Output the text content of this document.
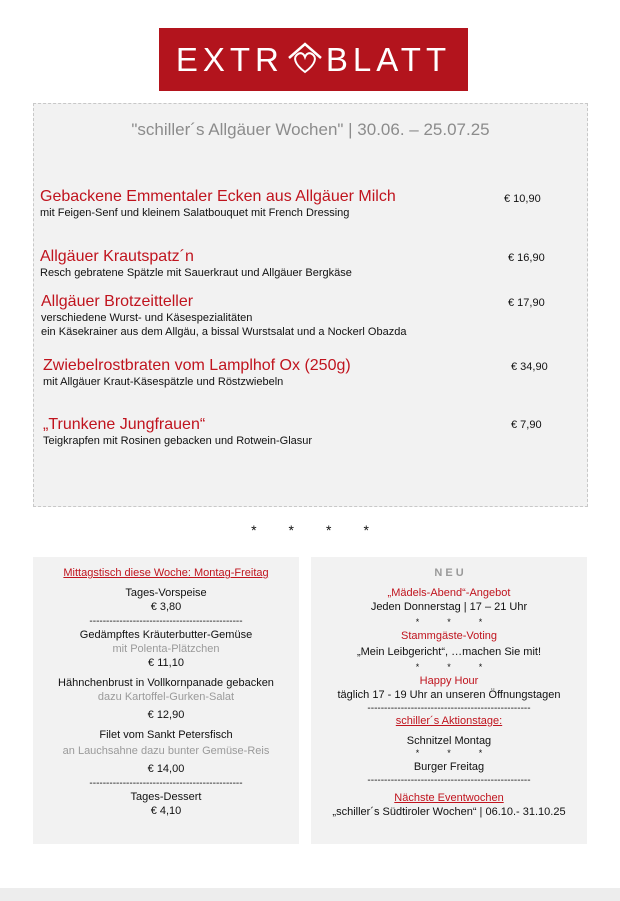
EXTR BLATT
"schiller´s Allgäuer Wochen" | 30.06. – 25.07.25
Gebackene Emmentaler Ecken aus Allgäuer Milch
mit Feigen-Senf und kleinem Salatbouquet mit French Dressing
€ 10,90
Allgäuer Krautspatz´n
Resch gebratene Spätzle mit Sauerkraut und Allgäuer Bergkäse
€ 16,90
Allgäuer Brotzeitteller
verschiedene Wurst- und Käsespezialitäten
ein Käsekrainer aus dem Allgäu, a bissal Wurstsalat und a Nockerl Obazda
€ 17,90
Zwiebelrostbraten vom Lamplhof Ox (250g)
mit Allgäuer Kraut-Käsespätzle und Röstzwiebeln
€ 34,90
„Trunkene Jungfrauen“
Teigkrapfen mit Rosinen gebacken und Rotwein-Glasur
€ 7,90
* * * *
Mittagstisch diese Woche: Montag-Freitag
Tages-Vorspeise
€ 3,80
----------------------------------------------
Gedämpftes Kräuterbutter-Gemüse
mit Polenta-Plätzchen
€ 11,10
Hähnchenbrust in Vollkornpanade gebacken
dazu Kartoffel-Gurken-Salat
€ 12,90
Filet vom Sankt Petersfisch
an Lauchsahne dazu bunter Gemüse-Reis
€ 14,00
----------------------------------------------
Tages-Dessert
€ 4,10
N E U
„Mädels-Abend“-Angebot
Jeden Donnerstag | 17 – 21 Uhr
*	*	*
Stammgäste-Voting
„Mein Leibgericht“, …machen Sie mit!
*	*	*
Happy Hour
täglich 17 - 19 Uhr an unseren Öffnungstagen
-------------------------------------------------
schiller´s Aktionstage:
Schnitzel Montag
*	*	*
Burger Freitag
-------------------------------------------------
Nächste Eventwochen
„schiller´s Südtiroler Wochen“ | 06.10.- 31.10.25
